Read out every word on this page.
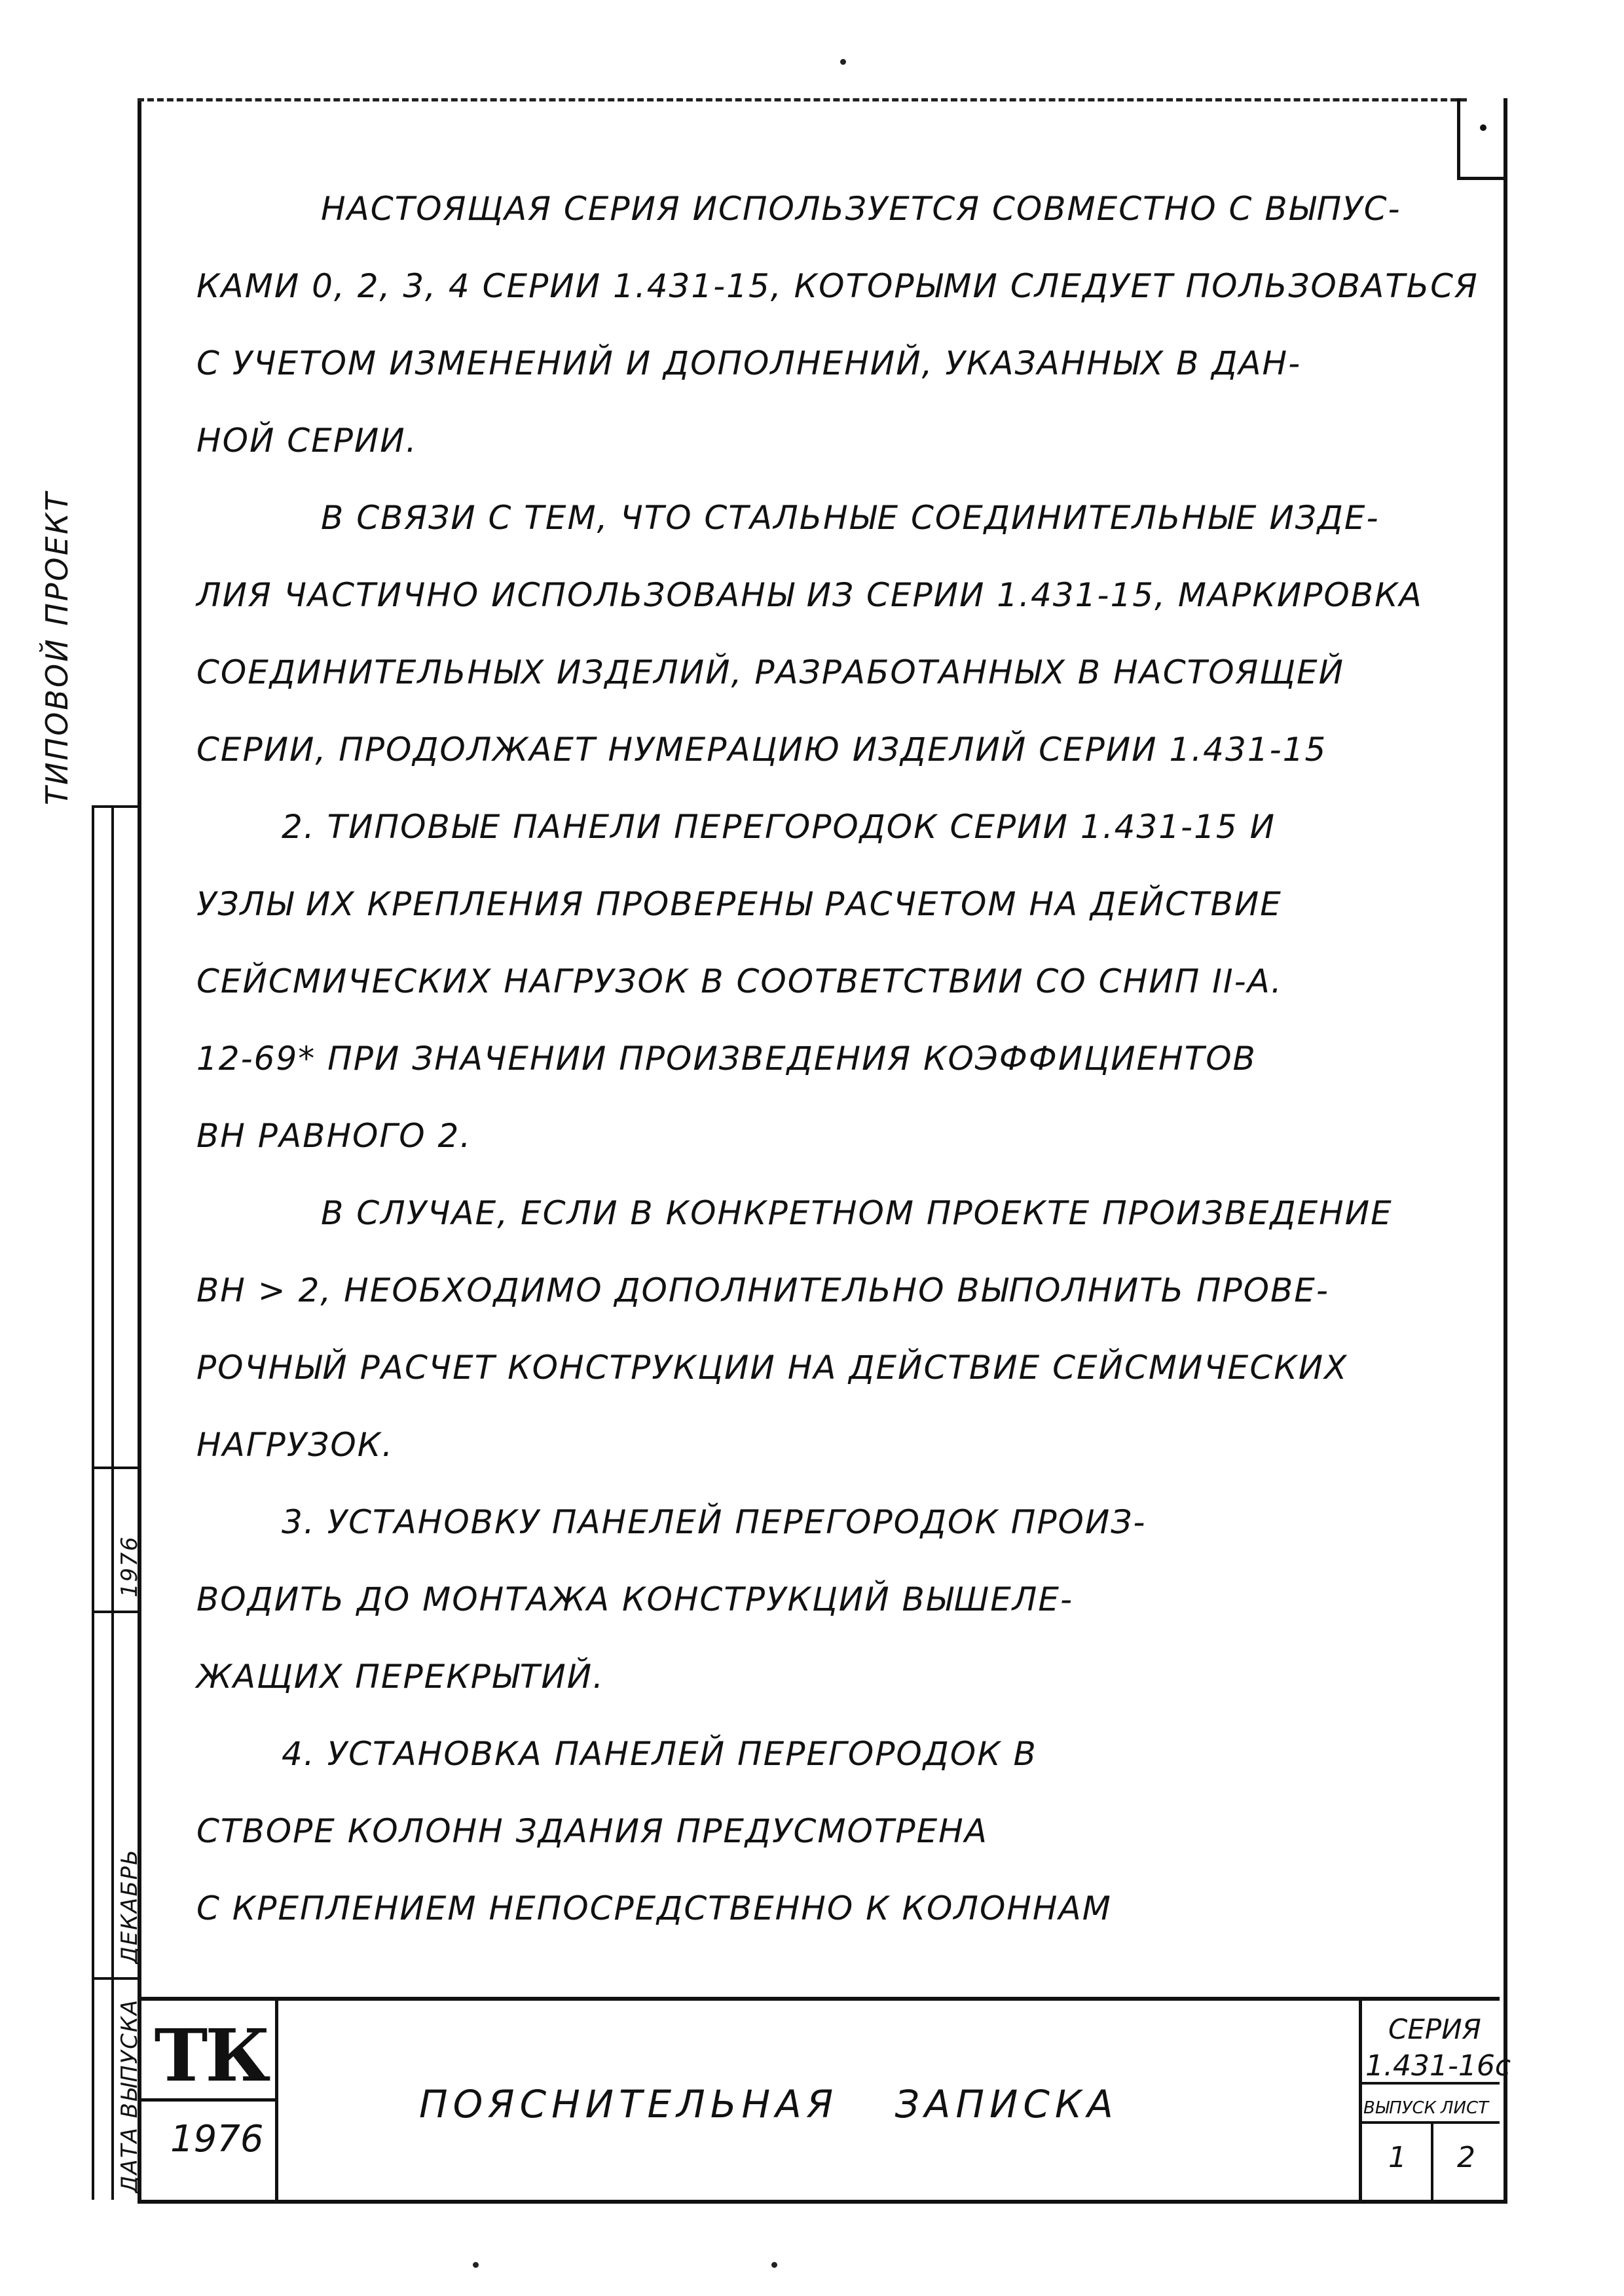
ТИПОВОЙ ПРОЕКТ
1976
ДЕКАБРЬ
ДАТА ВЫПУСКА
НАСТОЯЩАЯ СЕРИЯ ИСПОЛЬЗУЕТСЯ СОВМЕСТНО С ВЫПУС-
КАМИ 0, 2, 3, 4 СЕРИИ 1.431-15, КОТОРЫМИ СЛЕДУЕТ ПОЛЬЗОВАТЬСЯ
С УЧЕТОМ ИЗМЕНЕНИЙ И ДОПОЛНЕНИЙ, УКАЗАННЫХ В ДАН-
НОЙ СЕРИИ.
В СВЯЗИ С ТЕМ, ЧТО СТАЛЬНЫЕ СОЕДИНИТЕЛЬНЫЕ ИЗДЕ-
ЛИЯ ЧАСТИЧНО ИСПОЛЬЗОВАНЫ ИЗ СЕРИИ 1.431-15, МАРКИРОВКА
СОЕДИНИТЕЛЬНЫХ ИЗДЕЛИЙ, РАЗРАБОТАННЫХ В НАСТОЯЩЕЙ
СЕРИИ, ПРОДОЛЖАЕТ НУМЕРАЦИЮ ИЗДЕЛИЙ СЕРИИ 1.431-15
2. ТИПОВЫЕ ПАНЕЛИ ПЕРЕГОРОДОК СЕРИИ 1.431-15 И
УЗЛЫ ИХ КРЕПЛЕНИЯ ПРОВЕРЕНЫ РАСЧЕТОМ НА ДЕЙСТВИЕ
СЕЙСМИЧЕСКИХ НАГРУЗОК В СООТВЕТСТВИИ СО СНИП II-А.
12-69* ПРИ ЗНАЧЕНИИ ПРОИЗВЕДЕНИЯ КОЭФФИЦИЕНТОВ
ΒΗ РАВНОГО 2.
В СЛУЧАЕ, ЕСЛИ В КОНКРЕТНОМ ПРОЕКТЕ ПРОИЗВЕДЕНИЕ
ΒΗ > 2, НЕОБХОДИМО ДОПОЛНИТЕЛЬНО ВЫПОЛНИТЬ ПРОВЕ-
РОЧНЫЙ РАСЧЕТ КОНСТРУКЦИИ НА ДЕЙСТВИЕ СЕЙСМИЧЕСКИХ
НАГРУЗОК.
3. УСТАНОВКУ ПАНЕЛЕЙ ПЕРЕГОРОДОК ПРОИЗ-
ВОДИТЬ ДО МОНТАЖА КОНСТРУКЦИЙ ВЫШЕЛЕ-
ЖАЩИХ ПЕРЕКРЫТИЙ.
4. УСТАНОВКА ПАНЕЛЕЙ ПЕРЕГОРОДОК В
СТВОРЕ КОЛОНН ЗДАНИЯ ПРЕДУСМОТРЕНА
С КРЕПЛЕНИЕМ НЕПОСРЕДСТВЕННО К КОЛОННАМ
ТК
1976
ПОЯСНИТЕЛЬНАЯ ЗАПИСКА
СЕРИЯ
1.431-16с
ВЫПУСК ЛИСТ
1 2
